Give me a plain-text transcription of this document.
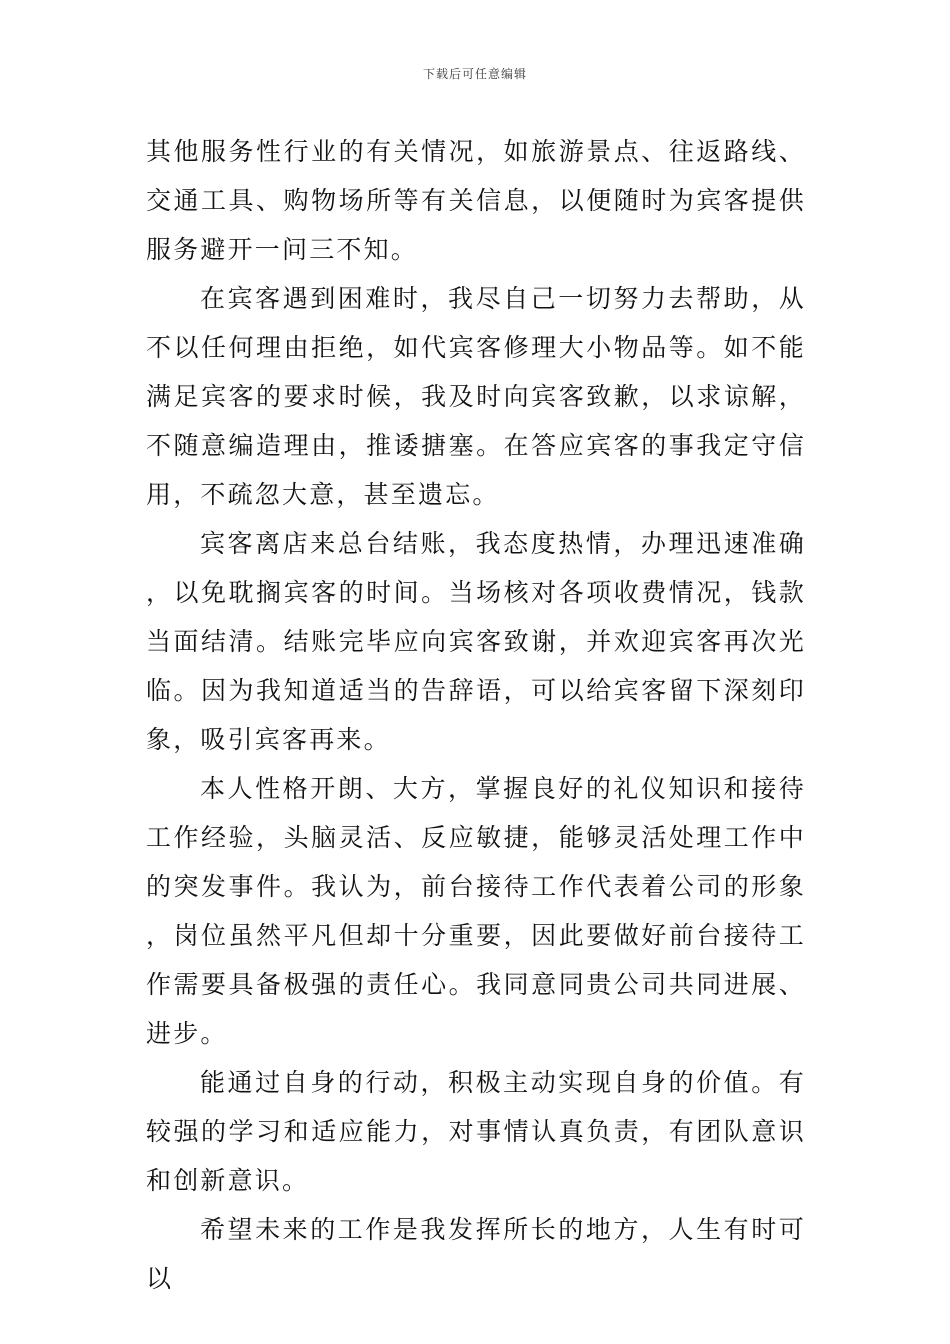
下载后可任意编辑

其他服务性行业的有关情况，如旅游景点、往返路线、交通工具、购物场所等有关信息，以便随时为宾客提供服务避开一问三不知。

在宾客遇到困难时，我尽自己一切努力去帮助，从不以任何理由拒绝，如代宾客修理大小物品等。如不能满足宾客的要求时候，我及时向宾客致歉，以求谅解，不随意编造理由，推诿搪塞。在答应宾客的事我定守信用，不疏忽大意，甚至遗忘。

宾客离店来总台结账，我态度热情，办理迅速准确，以免耽搁宾客的时间。当场核对各项收费情况，钱款当面结清。结账完毕应向宾客致谢，并欢迎宾客再次光临。因为我知道适当的告辞语，可以给宾客留下深刻印象，吸引宾客再来。

本人性格开朗、大方，掌握良好的礼仪知识和接待工作经验，头脑灵活、反应敏捷，能够灵活处理工作中的突发事件。我认为，前台接待工作代表着公司的形象，岗位虽然平凡但却十分重要，因此要做好前台接待工作需要具备极强的责任心。我同意同贵公司共同进展、进步。

能通过自身的行动，积极主动实现自身的价值。有较强的学习和适应能力，对事情认真负责，有团队意识和创新意识。

希望未来的工作是我发挥所长的地方，人生有时可以
